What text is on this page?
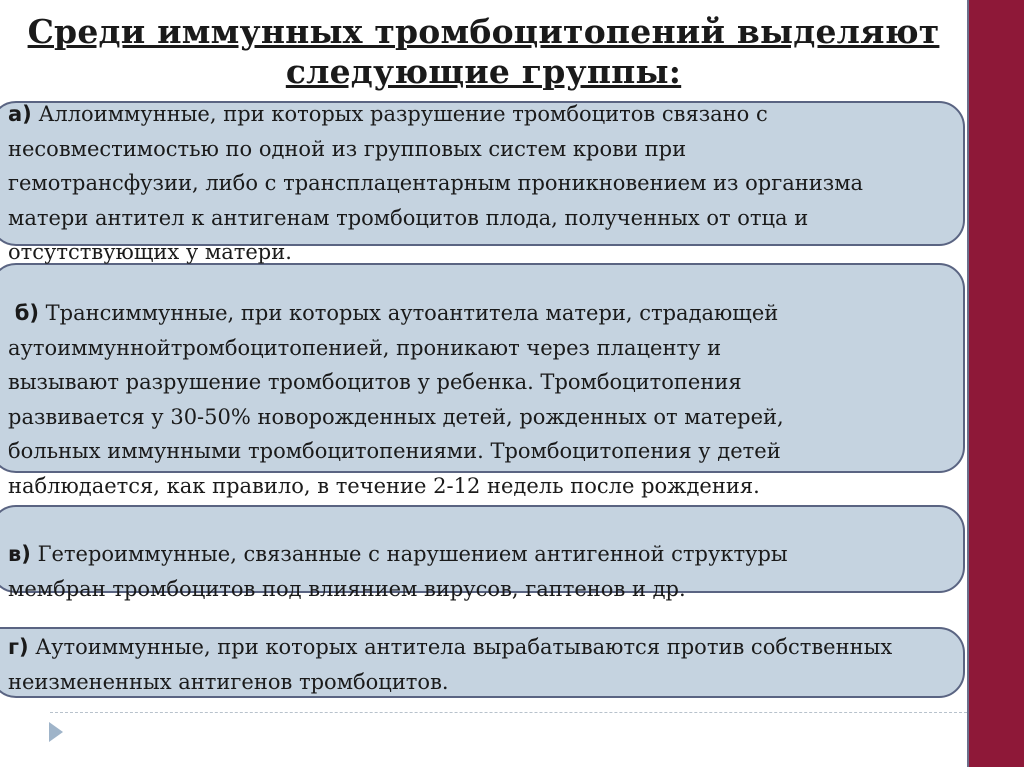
Среди иммунных тромбоцитопений выделяют
следующие группы:
а) Аллоиммунные, при которых разрушение тромбоцитов связано с
несовместимостью по одной из групповых систем крови при
гемотрансфузии, либо с трансплацентарным проникновением из организма
матери антител к антигенам тромбоцитов плода, полученных от отца и
отсутствующих у матери.
б) Трансиммунные, при которых аутоантитела матери, страдающей
аутоиммуннойтромбоцитопенией, проникают через плаценту и
вызывают разрушение тромбоцитов у ребенка. Тромбоцитопения
развивается у 30-50% новорожденных детей, рожденных от матерей,
больных иммунными тромбоцитопениями. Тромбоцитопения у детей
наблюдается, как правило, в течение 2-12 недель после рождения.
в) Гетероиммунные, связанные с нарушением антигенной структуры
мембран тромбоцитов под влиянием вирусов, гаптенов и др.
г) Аутоиммунные, при которых антитела вырабатываются против собственных
неизмененных антигенов тромбоцитов.
